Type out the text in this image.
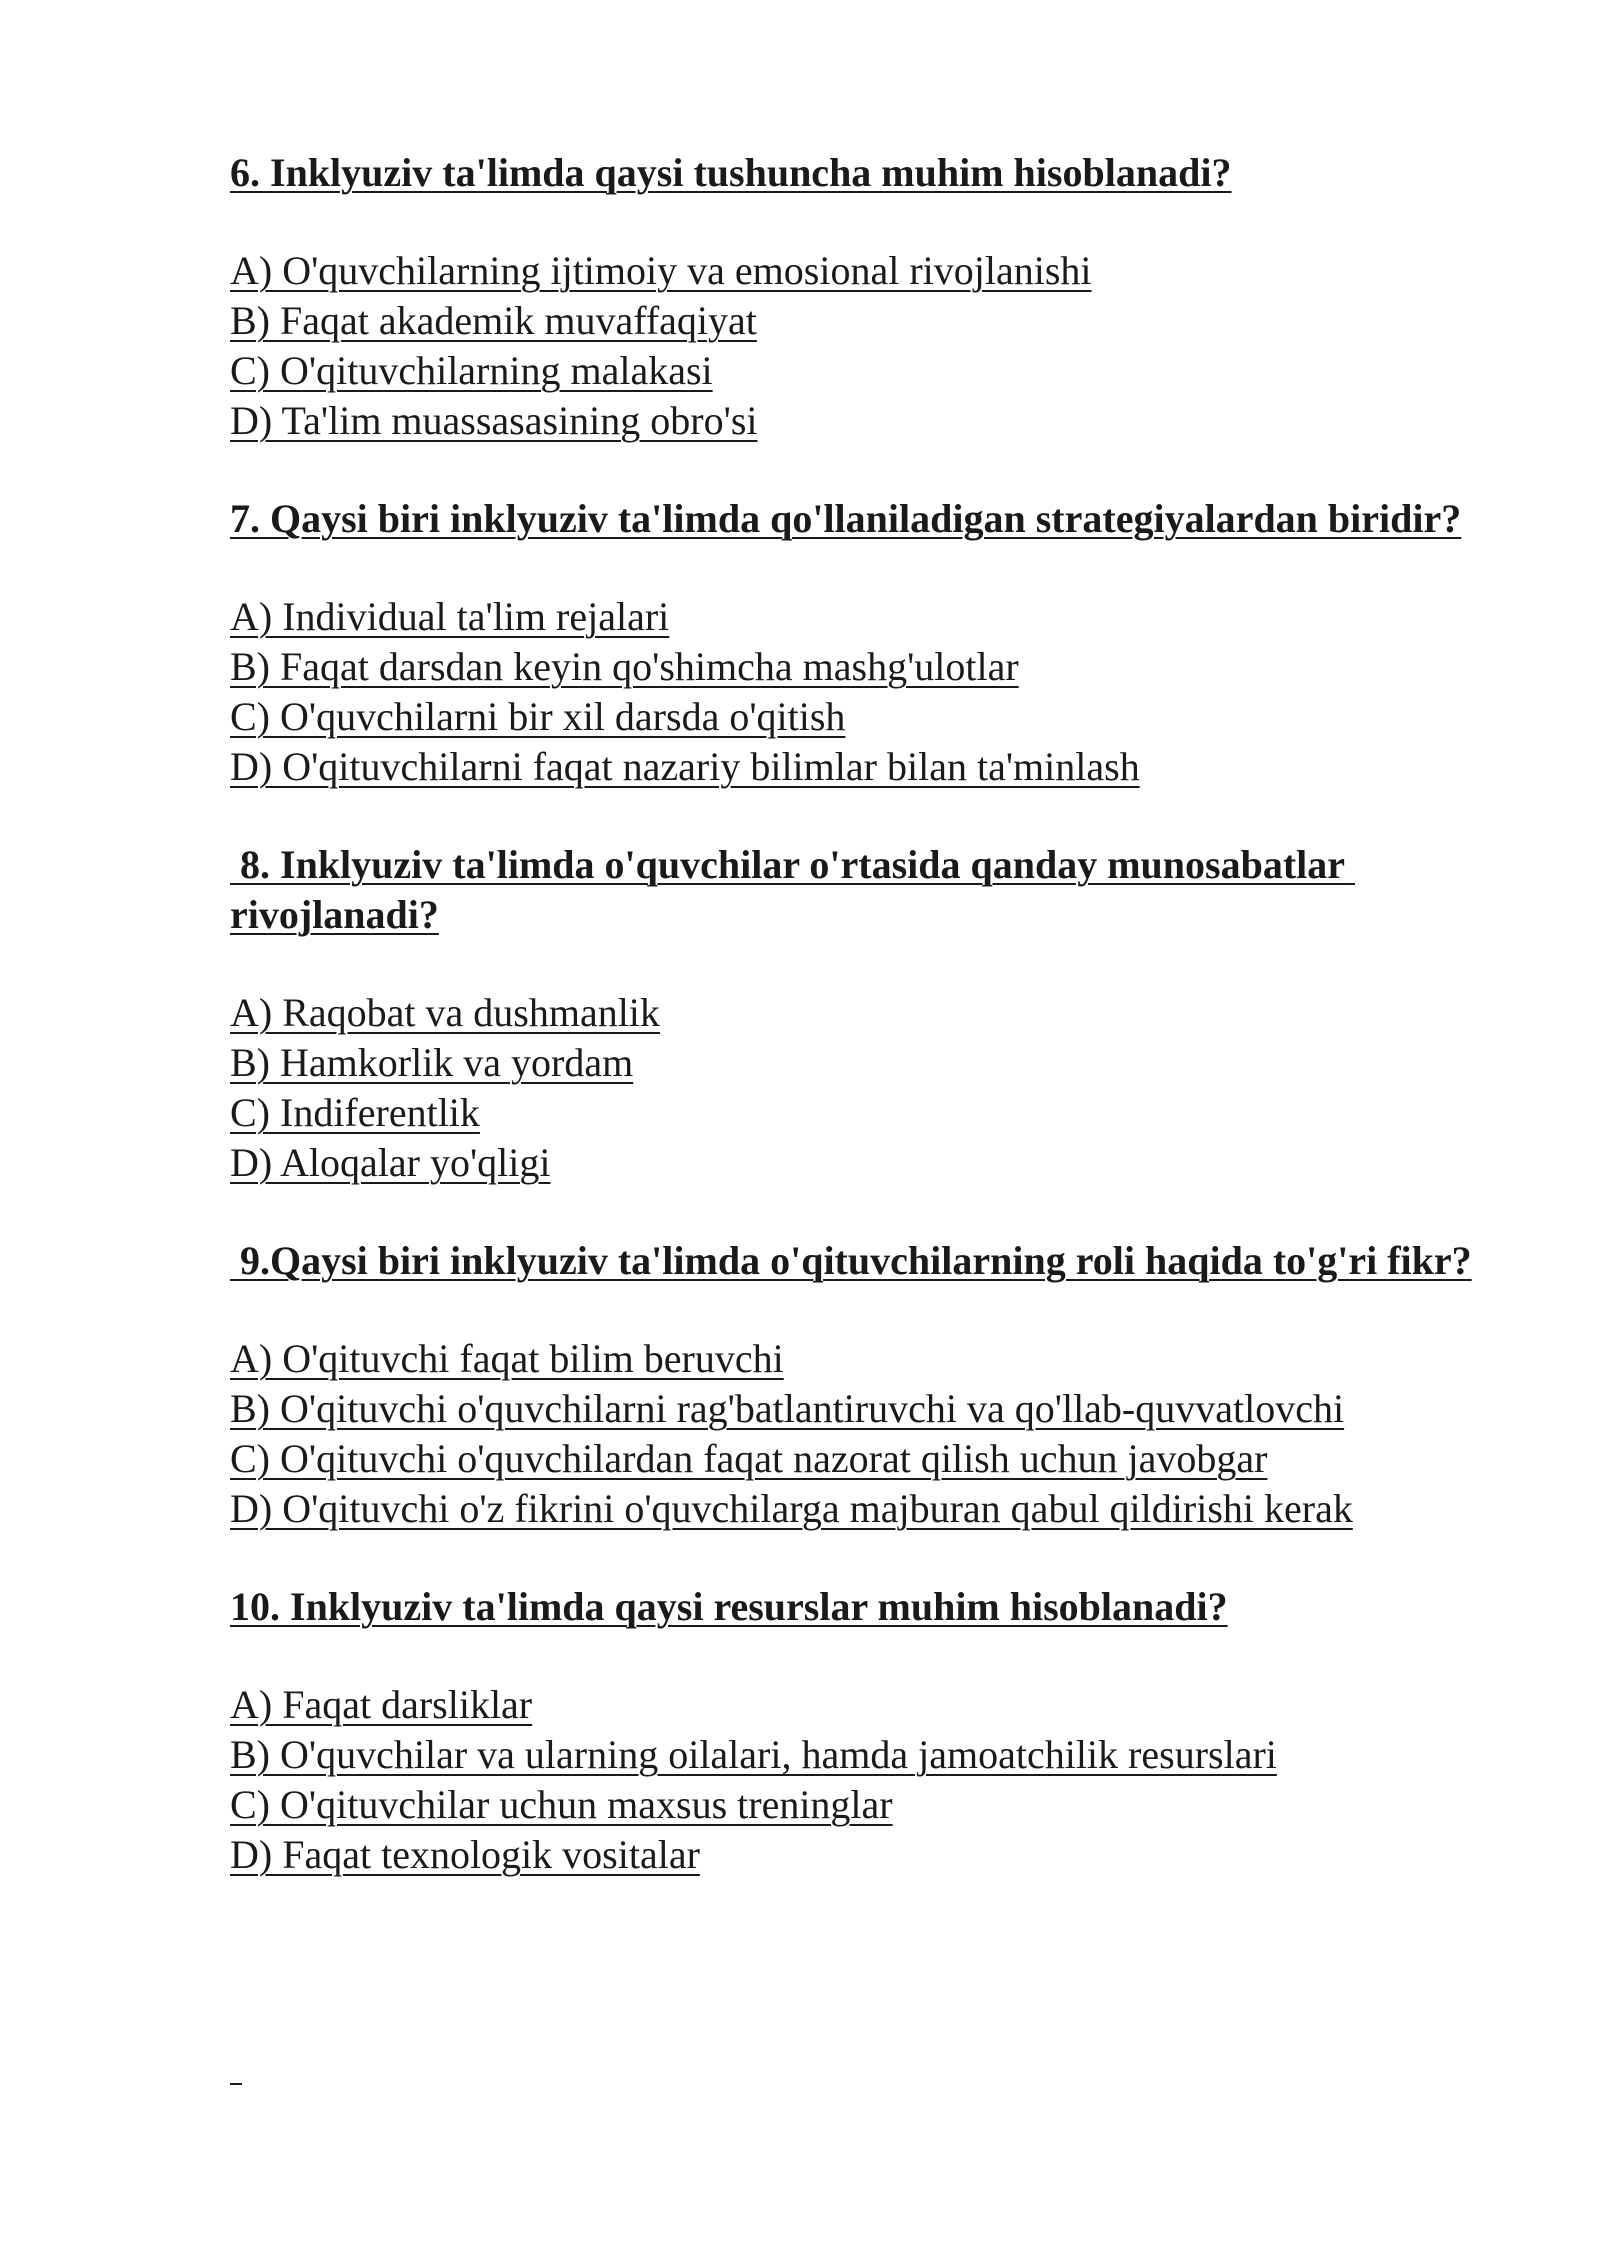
6. Inklyuziv ta'limda qaysi tushuncha muhim hisoblanadi?

A) O'quvchilarning ijtimoiy va emosional rivojlanishi
B) Faqat akademik muvaffaqiyat
C) O'qituvchilarning malakasi
D) Ta'lim muassasasining obro'si

7. Qaysi biri inklyuziv ta'limda qo'llaniladigan strategiyalardan biridir?

A) Individual ta'lim rejalari
B) Faqat darsdan keyin qo'shimcha mashg'ulotlar
C) O'quvchilarni bir xil darsda o'qitish
D) O'qituvchilarni faqat nazariy bilimlar bilan ta'minlash

8. Inklyuziv ta'limda o'quvchilar o'rtasida qanday munosabatlar rivojlanadi?

A) Raqobat va dushmanlik
B) Hamkorlik va yordam
C) Indiferentlik
D) Aloqalar yo'qligi

9.Qaysi biri inklyuziv ta'limda o'qituvchilarning roli haqida to'g'ri fikr?

A) O'qituvchi faqat bilim beruvchi
B) O'qituvchi o'quvchilarni rag'batlantiruvchi va qo'llab-quvvatlovchi
C) O'qituvchi o'quvchilardan faqat nazorat qilish uchun javobgar
D) O'qituvchi o'z fikrini o'quvchilarga majburan qabul qildirishi kerak

10. Inklyuziv ta'limda qaysi resurslar muhim hisoblanadi?

A) Faqat darsliklar
B) O'quvchilar va ularning oilalari, hamda jamoatchilik resurslari
C) O'qituvchilar uchun maxsus treninglar
D) Faqat texnologik vositalar
